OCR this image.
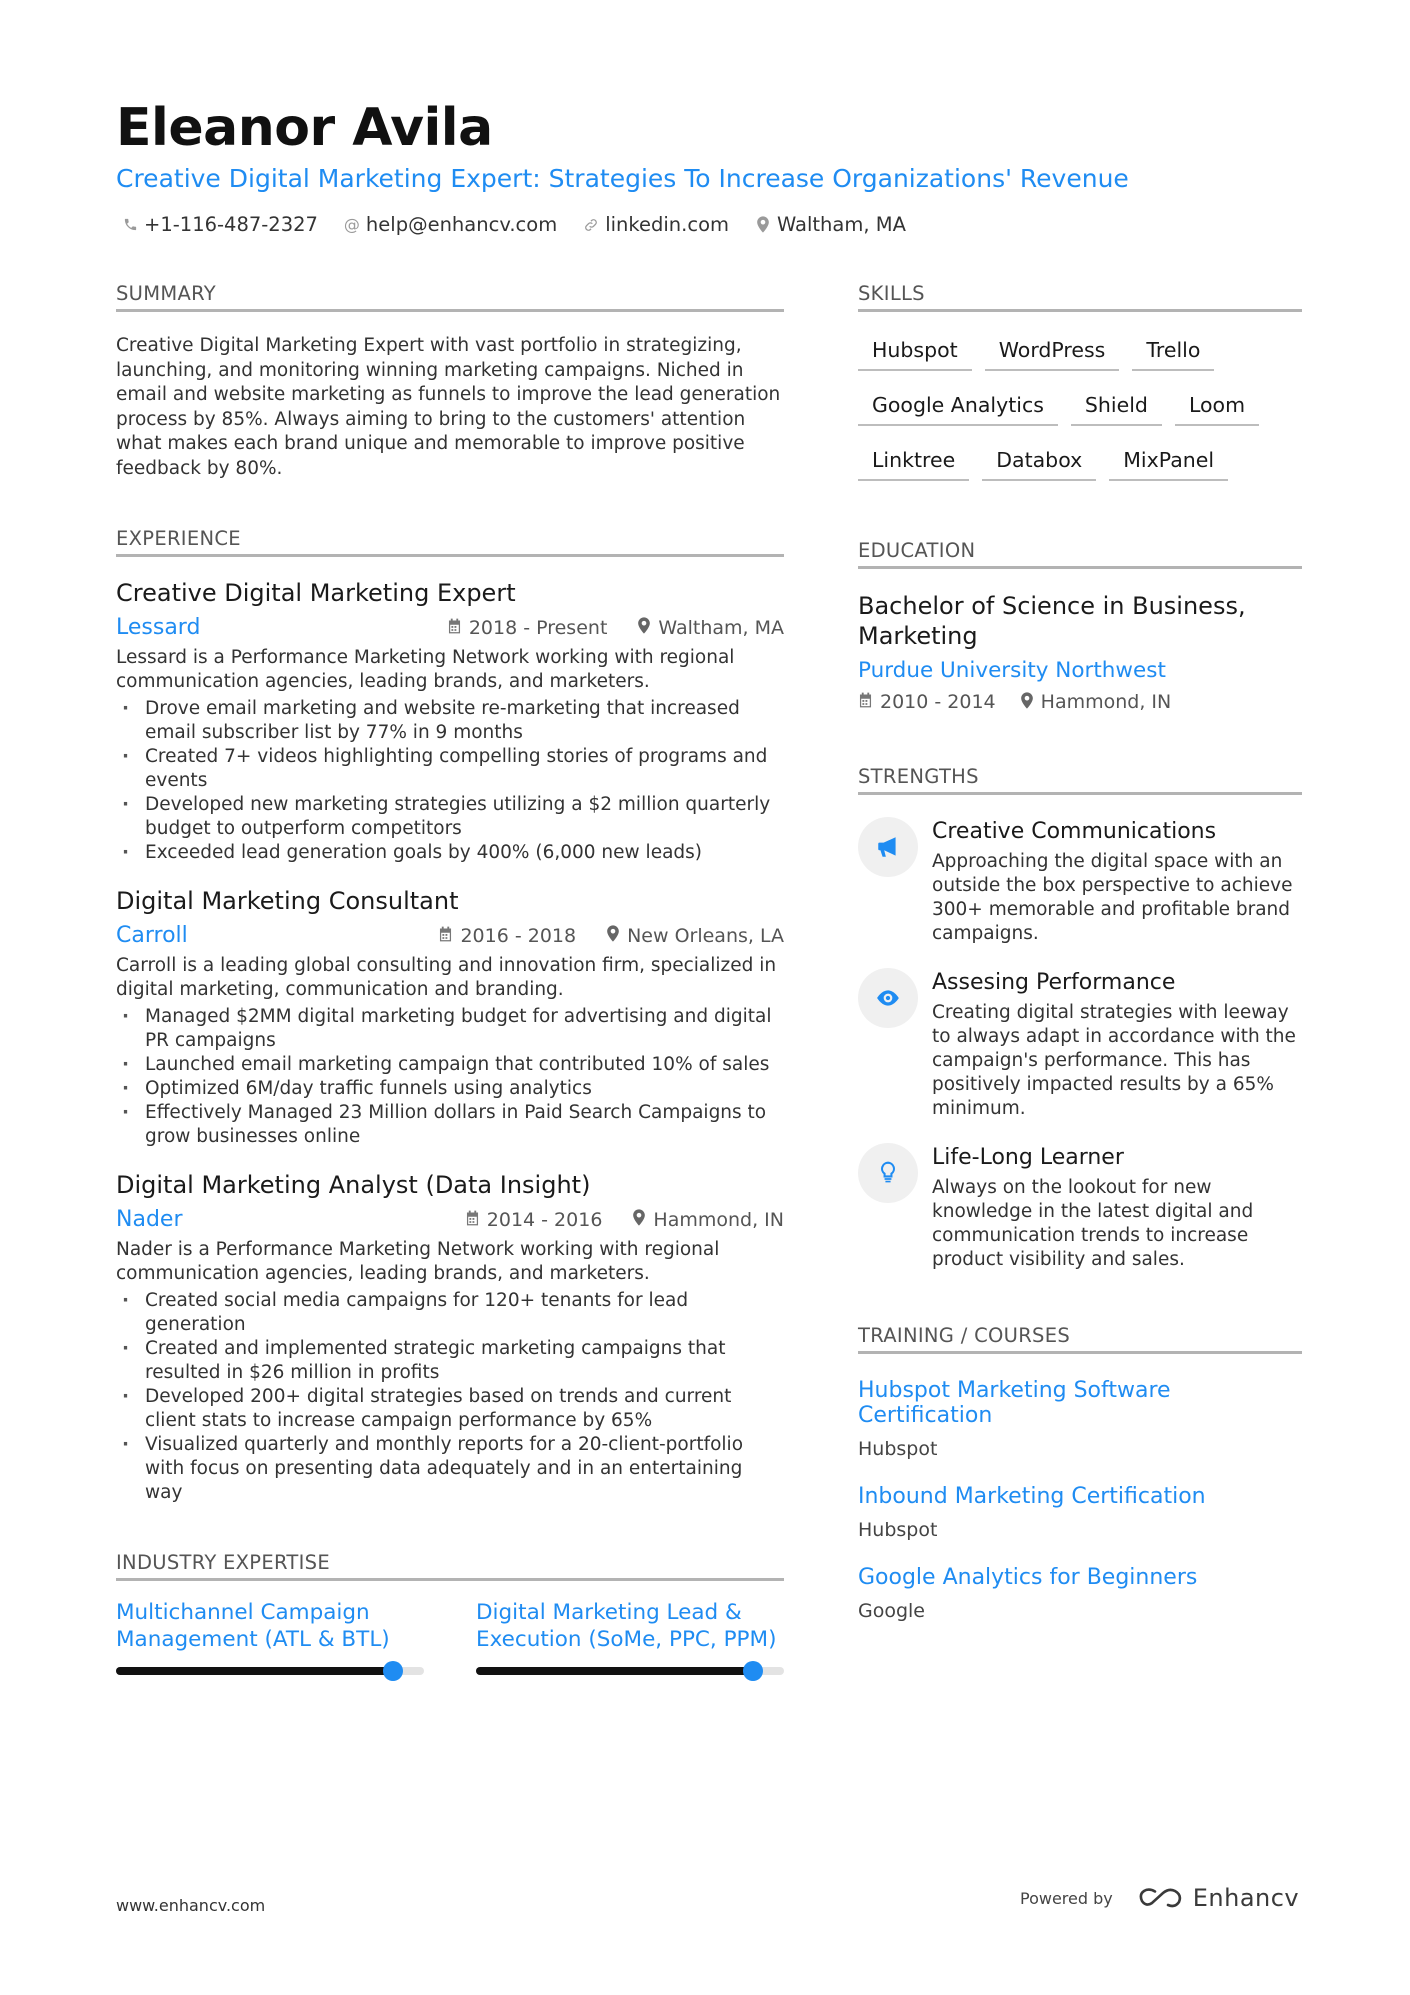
Eleanor Avila
Creative Digital Marketing Expert: Strategies To Increase Organizations' Revenue
+1-116-487-2327 @ help@enhancv.com linkedin.com Waltham, MA
SUMMARY
Creative Digital Marketing Expert with vast portfolio in strategizing, launching, and monitoring winning marketing campaigns. Niched in email and website marketing as funnels to improve the lead generation process by 85%. Always aiming to bring to the customers' attention what makes each brand unique and memorable to improve positive feedback by 80%.
EXPERIENCE
Creative Digital Marketing Expert
Lessard	2018 - Present	Waltham, MA
Lessard is a Performance Marketing Network working with regional communication agencies, leading brands, and marketers.
· Drove email marketing and website re-marketing that increased email subscriber list by 77% in 9 months
· Created 7+ videos highlighting compelling stories of programs and events
· Developed new marketing strategies utilizing a $2 million quarterly budget to outperform competitors
· Exceeded lead generation goals by 400% (6,000 new leads)
Digital Marketing Consultant
Carroll	2016 - 2018	New Orleans, LA
Carroll is a leading global consulting and innovation firm, specialized in digital marketing, communication and branding.
· Managed $2MM digital marketing budget for advertising and digital PR campaigns
· Launched email marketing campaign that contributed 10% of sales
· Optimized 6M/day traffic funnels using analytics
· Effectively Managed 23 Million dollars in Paid Search Campaigns to grow businesses online
Digital Marketing Analyst (Data Insight)
Nader	2014 - 2016	Hammond, IN
Nader is a Performance Marketing Network working with regional communication agencies, leading brands, and marketers.
· Created social media campaigns for 120+ tenants for lead generation
· Created and implemented strategic marketing campaigns that resulted in $26 million in profits
· Developed 200+ digital strategies based on trends and current client stats to increase campaign performance by 65%
· Visualized quarterly and monthly reports for a 20-client-portfolio with focus on presenting data adequately and in an entertaining way
INDUSTRY EXPERTISE
Multichannel Campaign Management (ATL & BTL)
Digital Marketing Lead & Execution (SoMe, PPC, PPM)
SKILLS
Hubspot	WordPress	Trello
Google Analytics	Shield	Loom
Linktree	Databox	MixPanel
EDUCATION
Bachelor of Science in Business, Marketing
Purdue University Northwest
2010 - 2014 Hammond, IN
STRENGTHS
Creative Communications
Approaching the digital space with an outside the box perspective to achieve 300+ memorable and profitable brand campaigns.
Assesing Performance
Creating digital strategies with leeway to always adapt in accordance with the campaign's performance. This has positively impacted results by a 65% minimum.
Life-Long Learner
Always on the lookout for new knowledge in the latest digital and communication trends to increase product visibility and sales.
TRAINING / COURSES
Hubspot Marketing Software Certification
Hubspot
Inbound Marketing Certification
Hubspot
Google Analytics for Beginners
Google
www.enhancv.com	Powered by	Enhancv
